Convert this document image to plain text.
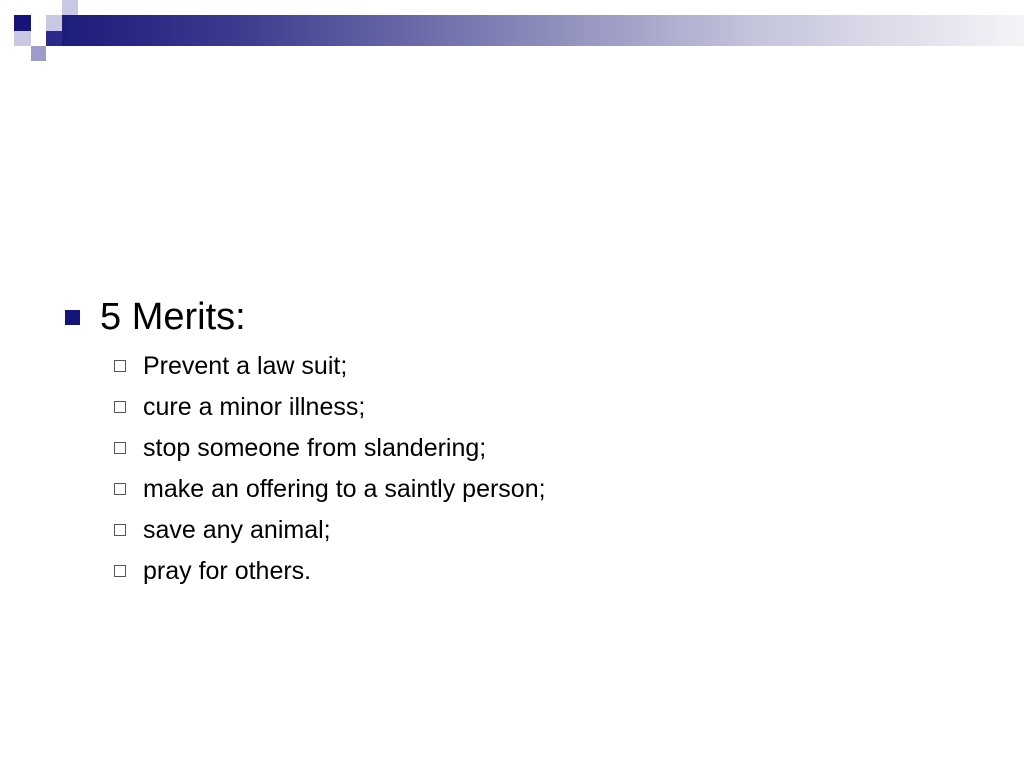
5 Merits:
Prevent a law suit;
cure a minor illness;
stop someone from slandering;
make an offering to a saintly person;
save any animal;
pray for others.
